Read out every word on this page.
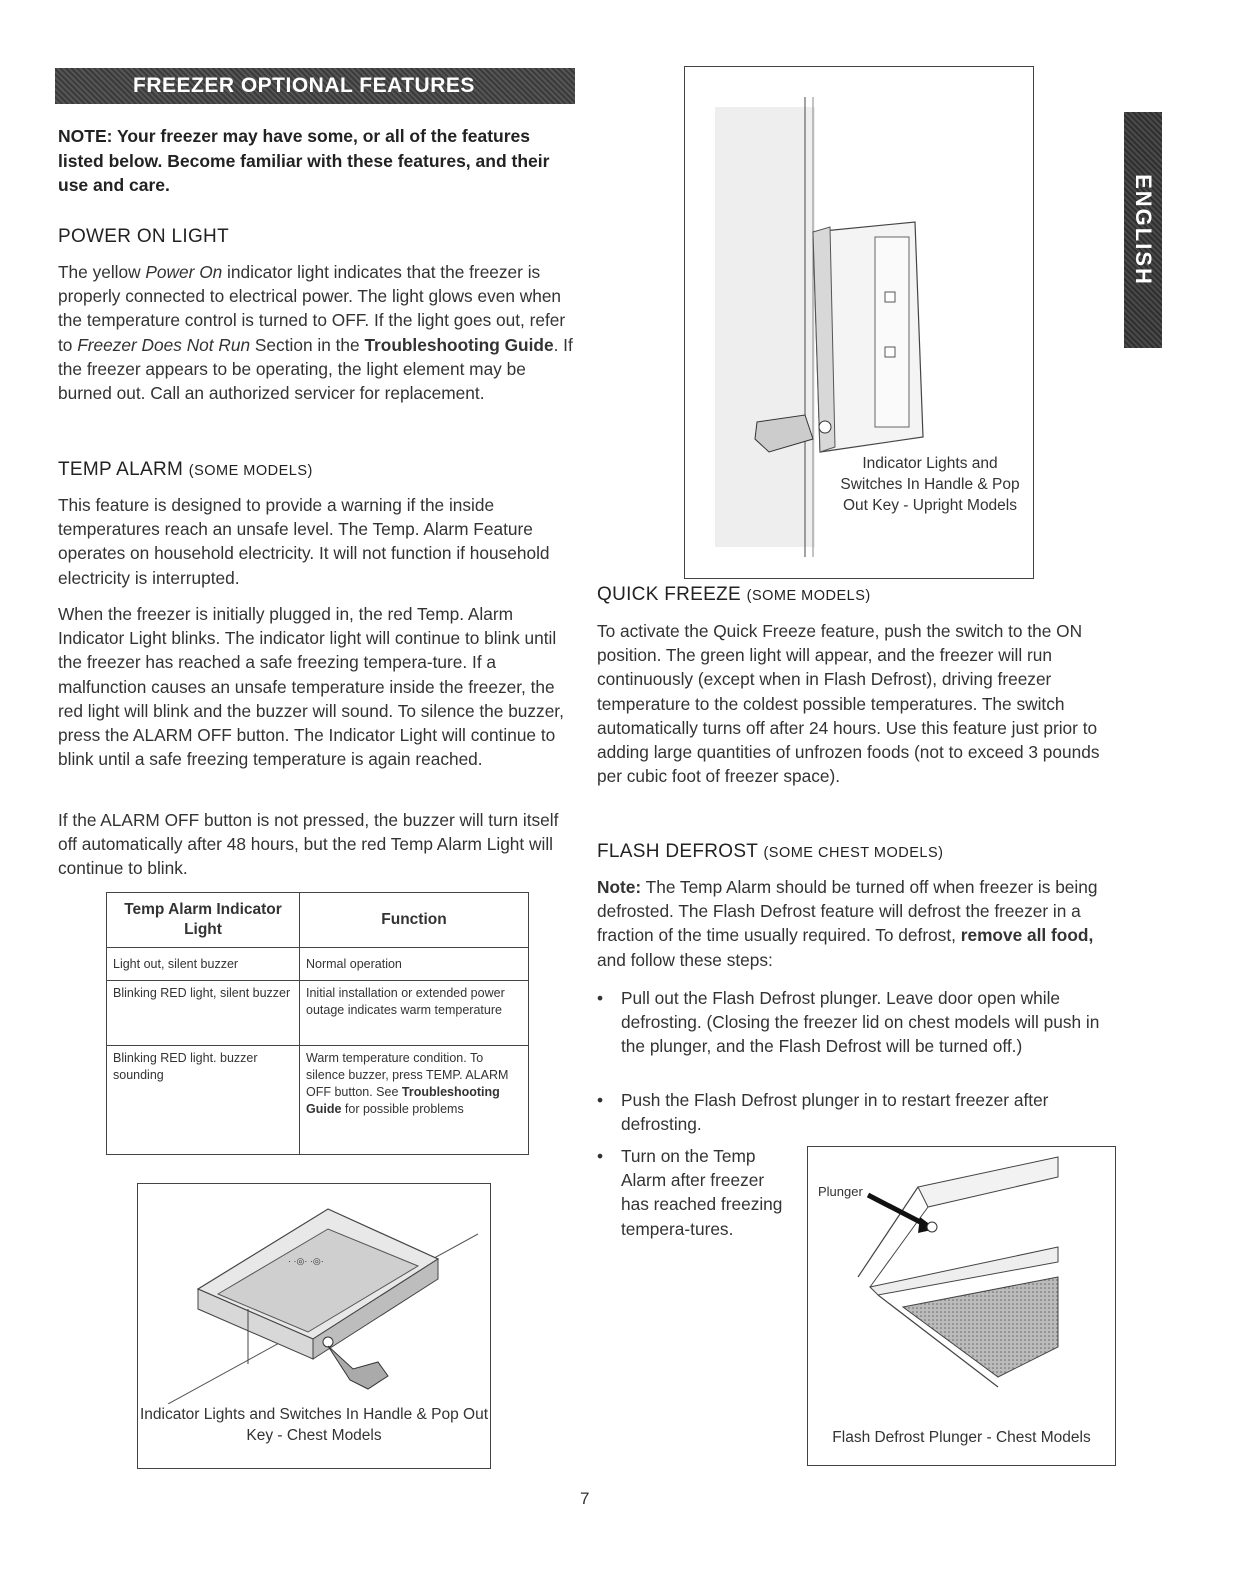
FREEZER OPTIONAL FEATURES
ENGLISH

NOTE: Your freezer may have some, or all of the features listed below. Become familiar with these features, and their use and care.

POWER ON LIGHT

The yellow Power On indicator light indicates that the freezer is properly connected to electrical power. The light glows even when the temperature control is turned to OFF. If the light goes out, refer to Freezer Does Not Run Section in the Troubleshooting Guide. If the freezer appears to be operating, the light element may be burned out. Call an authorized servicer for replacement.

TEMP ALARM (SOME MODELS)

This feature is designed to provide a warning if the inside temperatures reach an unsafe level. The Temp. Alarm Feature operates on household electricity. It will not function if household electricity is interrupted.

When the freezer is initially plugged in, the red Temp. Alarm Indicator Light blinks. The indicator light will continue to blink until the freezer has reached a safe freezing tempera-ture. If a malfunction causes an unsafe temperature inside the freezer, the red light will blink and the buzzer will sound. To silence the buzzer, press the ALARM OFF button. The Indicator Light will continue to blink until a safe freezing temperature is again reached.

If the ALARM OFF button is not pressed, the buzzer will turn itself off automatically after 48 hours, but the red Temp Alarm Light will continue to blink.

Temp Alarm Indicator Light	Function
Light out, silent buzzer	Normal operation
Blinking RED light, silent buzzer	Initial installation or extended power outage indicates warm temperature
Blinking RED light. buzzer sounding	Warm temperature condition. To silence buzzer, press TEMP. ALARM OFF button. See Troubleshooting Guide for possible problems
· ·◎· ·◎·
Indicator Lights and Switches In Handle & Pop Out Key - Chest Models
Indicator Lights and Switches In Handle & Pop Out Key - Upright Models
QUICK FREEZE (SOME MODELS)

To activate the Quick Freeze feature, push the switch to the ON position. The green light will appear, and the freezer will run continuously (except when in Flash Defrost), driving freezer temperature to the coldest possible temperatures. The switch automatically turns off after 24 hours. Use this feature just prior to adding large quantities of unfrozen foods (not to exceed 3 pounds per cubic foot of freezer space).

FLASH DEFROST (SOME CHEST MODELS)

Note: The Temp Alarm should be turned off when freezer is being defrosted. The Flash Defrost feature will defrost the freezer in a fraction of the time usually required. To defrost, remove all food, and follow these steps:

• Pull out the Flash Defrost plunger. Leave door open while defrosting. (Closing the freezer lid on chest models will push in the plunger, and the Flash Defrost will be turned off.)
• Push the Flash Defrost plunger in to restart freezer after defrosting.
• Turn on the Temp Alarm after freezer has reached freezing tempera-tures.
Plunger
Flash Defrost Plunger - Chest Models
7
